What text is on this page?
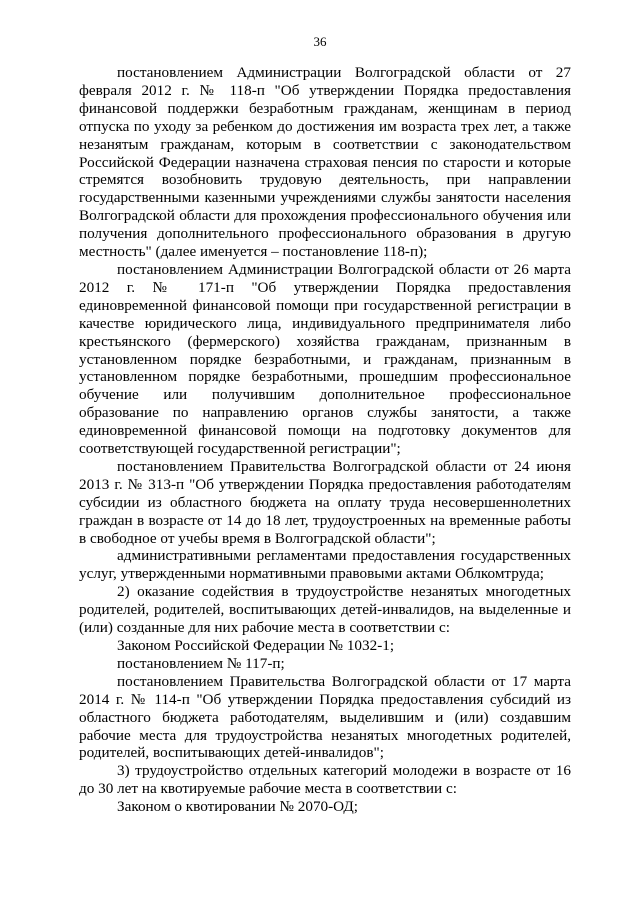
36

постановлением Администрации Волгоградской области от 27 февраля 2012 г. № 118-п "Об утверждении Порядка предоставления финансовой поддержки безработным гражданам, женщинам в период отпуска по уходу за ребенком до достижения им возраста трех лет, а также незанятым гражданам, которым в соответствии с законодательством Российской Федерации назначена страховая пенсия по старости и которые стремятся возобновить трудовую деятельность, при направлении государственными казенными учреждениями службы занятости населения Волгоградской области для прохождения профессионального обучения или получения дополнительного профессионального образования в другую местность" (далее именуется – постановление 118-п);

постановлением Администрации Волгоградской области от 26 марта 2012 г. № 171-п "Об утверждении Порядка предоставления единовременной финансовой помощи при государственной регистрации в качестве юридического лица, индивидуального предпринимателя либо крестьянского (фермерского) хозяйства гражданам, признанным в установленном порядке безработными, и гражданам, признанным в установленном порядке безработными, прошедшим профессиональное обучение или получившим дополнительное профессиональное образование по направлению органов службы занятости, а также единовременной финансовой помощи на подготовку документов для соответствующей государственной регистрации";

постановлением Правительства Волгоградской области от 24 июня 2013 г. № 313-п "Об утверждении Порядка предоставления работодателям субсидии из областного бюджета на оплату труда несовершеннолетних граждан в возрасте от 14 до 18 лет, трудоустроенных на временные работы в свободное от учебы время в Волгоградской области";

административными регламентами предоставления государственных услуг, утвержденными нормативными правовыми актами Облкомтруда;

2) оказание содействия в трудоустройстве незанятых многодетных родителей, родителей, воспитывающих детей-инвалидов, на выделенные и (или) созданные для них рабочие места в соответствии с:

Законом Российской Федерации № 1032-1;

постановлением № 117-п;

постановлением Правительства Волгоградской области от 17 марта 2014 г. № 114-п "Об утверждении Порядка предоставления субсидий из областного бюджета работодателям, выделившим и (или) создавшим рабочие места для трудоустройства незанятых многодетных родителей, родителей, воспитывающих детей-инвалидов";

3) трудоустройство отдельных категорий молодежи в возрасте от 16 до 30 лет на квотируемые рабочие места в соответствии с:

Законом о квотировании № 2070-ОД;
